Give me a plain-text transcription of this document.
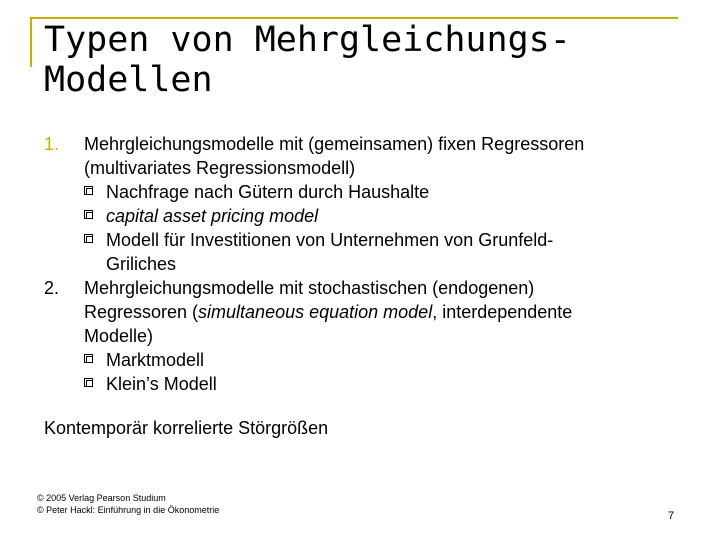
Typen von Mehrgleichungs-
Modellen
1.	Mehrgleichungsmodelle mit (gemeinsamen) fixen Regressoren
(multivariates Regressionsmodell)
Nachfrage nach Gütern durch Haushalte
capital asset pricing model
Modell für Investitionen von Unternehmen von Grunfeld-
Griliches
2.	Mehrgleichungsmodelle mit stochastischen (endogenen)
Regressoren (simultaneous equation model, interdependente
Modelle)
Marktmodell
Klein’s Modell
Kontemporär korrelierte Störgrößen
© 2005 Verlag Pearson Studium
© Peter Hackl: Einführung in die Ökonometrie	7
